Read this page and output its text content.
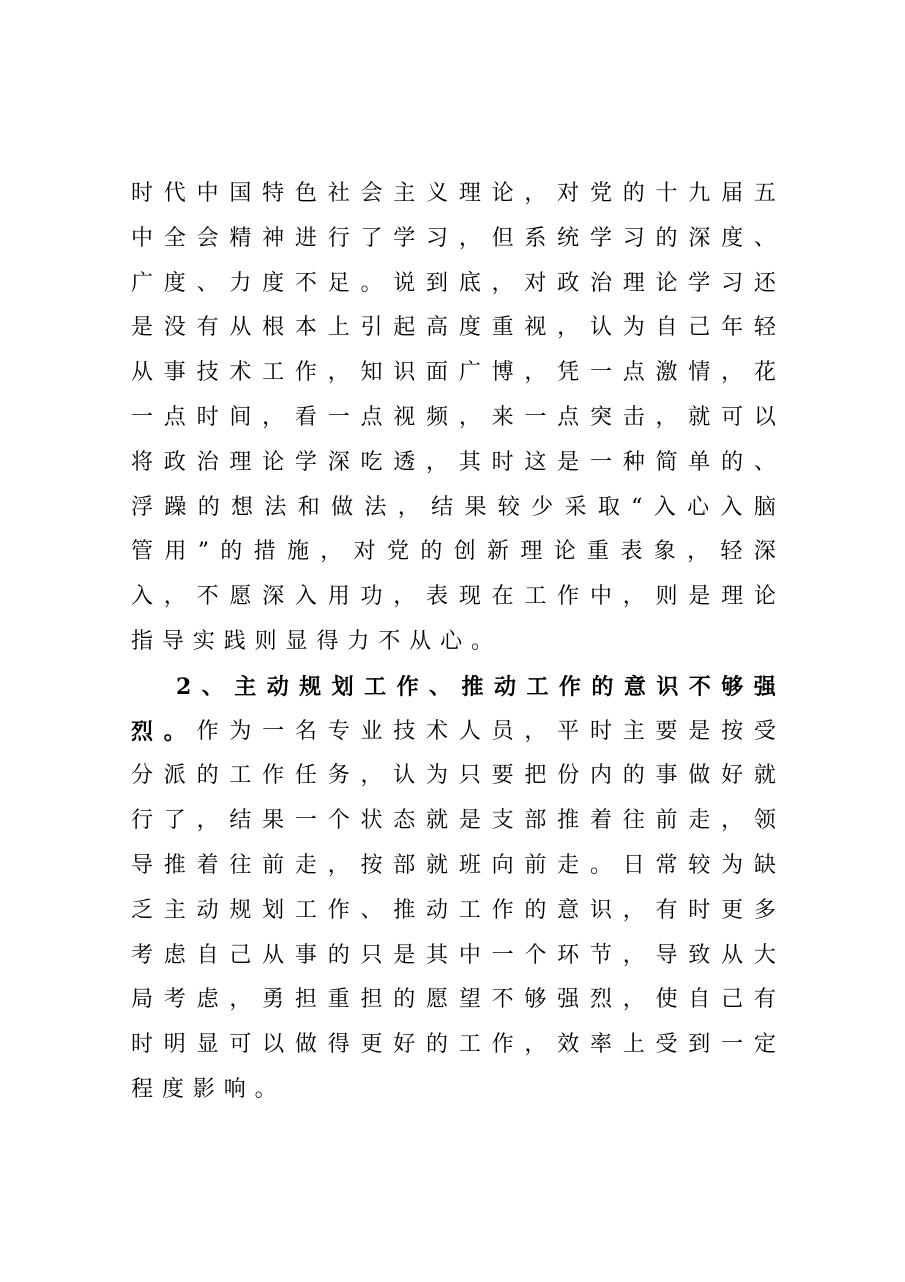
时 代 中 国 特 色 社 会 主 义 理 论 ， 对 党 的 十 九 届 五
中 全 会 精 神 进 行 了 学 习 ， 但 系 统 学 习 的 深 度 、
广 度 、 力 度 不 足 。 说 到 底 ， 对 政 治 理 论 学 习 还
是 没 有 从 根 本 上 引 起 高 度 重 视 ， 认 为 自 己 年 轻
从 事 技 术 工 作 ， 知 识 面 广 博 ， 凭 一 点 激 情 ， 花
一 点 时 间 ， 看 一 点 视 频 ， 来 一 点 突 击 ， 就 可 以
将 政 治 理 论 学 深 吃 透 ， 其 时 这 是 一 种 简 单 的 、
浮 躁 的 想 法 和 做 法 ， 结 果 较 少 采 取 “ 入 心 入 脑
管 用 ” 的 措 施 ， 对 党 的 创 新 理 论 重 表 象 ， 轻 深
入 ， 不 愿 深 入 用 功 ， 表 现 在 工 作 中 ， 则 是 理 论
指 导 实 践 则 显 得 力 不 从 心 。
2 、 主 动 规 划 工 作 、 推 动 工 作 的 意 识 不 够 强
烈 。 作 为 一 名 专 业 技 术 人 员 ， 平 时 主 要 是 按 受
分 派 的 工 作 任 务 ， 认 为 只 要 把 份 内 的 事 做 好 就
行 了 ， 结 果 一 个 状 态 就 是 支 部 推 着 往 前 走 ， 领
导 推 着 往 前 走 ， 按 部 就 班 向 前 走 。 日 常 较 为 缺
乏 主 动 规 划 工 作 、 推 动 工 作 的 意 识 ， 有 时 更 多
考 虑 自 己 从 事 的 只 是 其 中 一 个 环 节 ， 导 致 从 大
局 考 虑 ， 勇 担 重 担 的 愿 望 不 够 强 烈 ， 使 自 己 有
时 明 显 可 以 做 得 更 好 的 工 作 ， 效 率 上 受 到 一 定
程 度 影 响 。
